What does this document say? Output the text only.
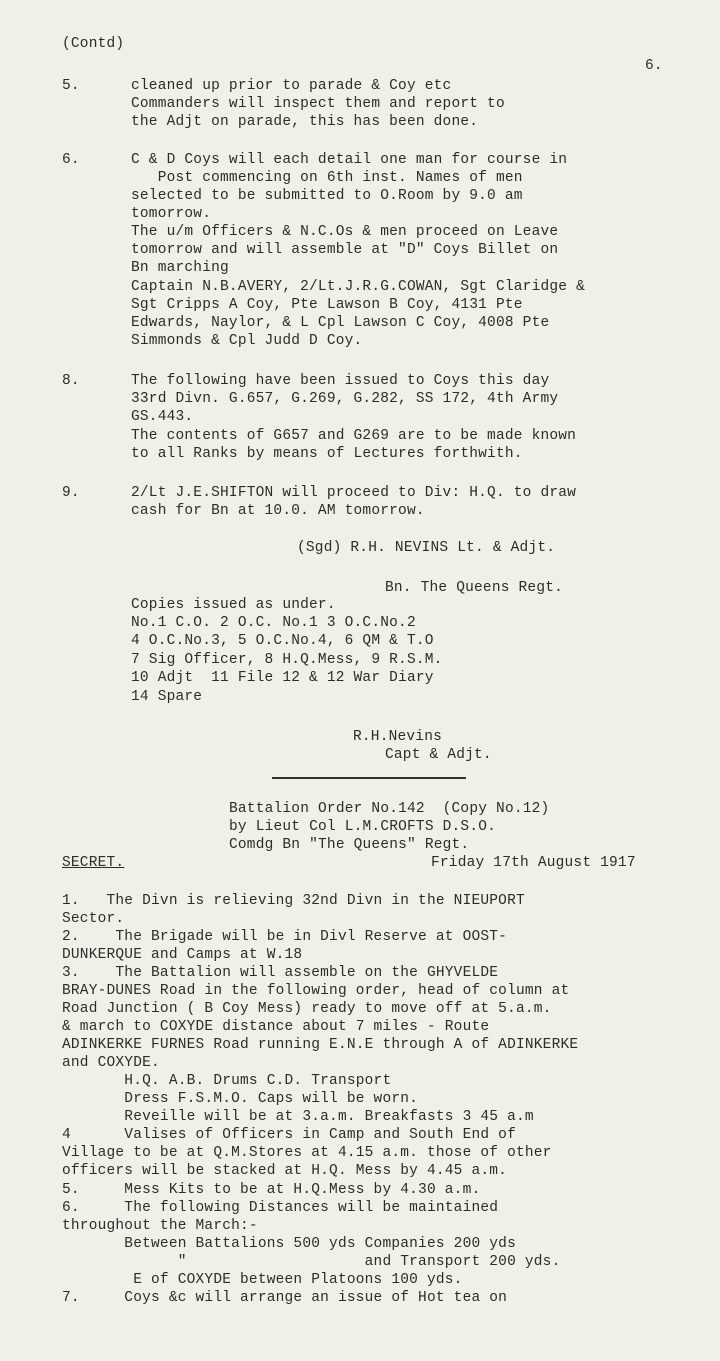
(Contd)
6.
5.	cleaned up prior to parade & Coy etc
Commanders will inspect them and report to
the Adjt on parade, this has been done.
6.	C & D Coys will each detail one man for course in
Post commencing on 6th inst. Names of men
selected to be submitted to O.Room by 9.0 am
tomorrow.
The u/m Officers & N.C.Os & men proceed on Leave
tomorrow and will assemble at "D" Coys Billet on
Bn marching
Captain N.B.AVERY, 2/Lt.J.R.G.COWAN, Sgt Claridge &
Sgt Cripps A Coy, Pte Lawson B Coy, 4131 Pte
Edwards, Naylor, & L Cpl Lawson C Coy, 4008 Pte
Simmonds & Cpl Judd D Coy.
8.	The following have been issued to Coys this day
33rd Divn. G.657, G.269, G.282, SS 172, 4th Army
GS.443.
The contents of G657 and G269 are to be made known
to all Ranks by means of Lectures forthwith.
9.	2/Lt J.E.SHIFTON will proceed to Div: H.Q. to draw
cash for Bn at 10.0. AM tomorrow.
(Sgd) R.H. NEVINS Lt. & Adjt.
Bn. The Queens Regt.
Copies issued as under.
No.1 C.O. 2 O.C. No.1 3 O.C.No.2
4 O.C.No.3, 5 O.C.No.4, 6 QM & T.O
7 Sig Officer, 8 H.Q.Mess, 9 R.S.M.
10 Adjt  11 File 12 & 12 War Diary
14 Spare
R.H.Nevins
Capt & Adjt.
Battalion Order No.142  (Copy No.12)
by Lieut Col L.M.CROFTS D.S.O.
Comdg Bn "The Queens" Regt.
SECRET.	Friday 17th August 1917
1.   The Divn is relieving 32nd Divn in the NIEUPORT
Sector.
2.    The Brigade will be in Divl Reserve at OOST-
DUNKERQUE and Camps at W.18
3.    The Battalion will assemble on the GHYVELDE
BRAY-DUNES Road in the following order, head of column at
Road Junction ( B Coy Mess) ready to move off at 5.a.m.
& march to COXYDE distance about 7 miles - Route
ADINKERKE FURNES Road running E.N.E through A of ADINKERKE
and COXYDE.
H.Q. A.B. Drums C.D. Transport
Dress F.S.M.O. Caps will be worn.
Reveille will be at 3.a.m. Breakfasts 3 45 a.m
4      Valises of Officers in Camp and South End of
Village to be at Q.M.Stores at 4.15 a.m. those of other
officers will be stacked at H.Q. Mess by 4.45 a.m.
5.     Mess Kits to be at H.Q.Mess by 4.30 a.m.
6.     The following Distances will be maintained
throughout the March:-
Between Battalions 500 yds Companies 200 yds
"                    and Transport 200 yds.
E of COXYDE between Platoons 100 yds.
7.     Coys &c will arrange an issue of Hot tea on
